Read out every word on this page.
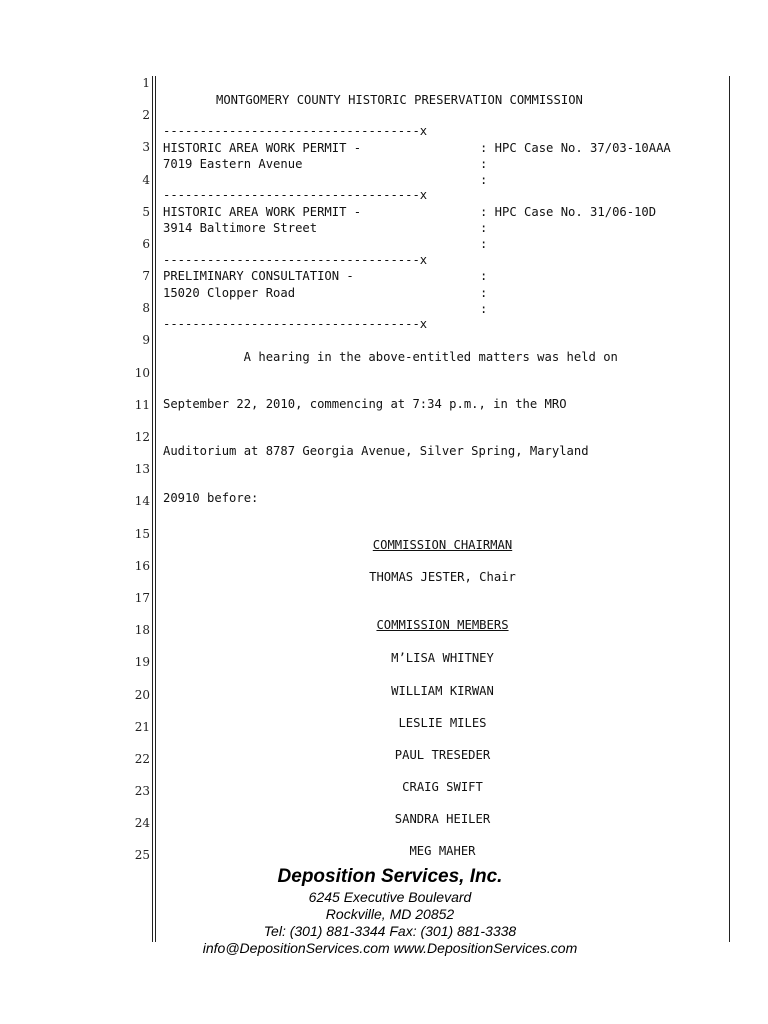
1
2
3
4
5
6
7
8
9
10
11
12
13
14
15
16
17
18
19
20
21
22
23
24
25
MONTGOMERY COUNTY HISTORIC PRESERVATION COMMISSION
-----------------------------------x
HISTORIC AREA WORK PERMIT -	: HPC Case No. 37/03-10AAA
7019 Eastern Avenue	:
:
-----------------------------------x
HISTORIC AREA WORK PERMIT -	: HPC Case No. 31/06-10D
3914 Baltimore Street	:
:
-----------------------------------x
PRELIMINARY CONSULTATION -	:
15020 Clopper Road	:
:
-----------------------------------x
A hearing in the above-entitled matters was held on
September 22, 2010, commencing at 7:34 p.m., in the MRO
Auditorium at 8787 Georgia Avenue, Silver Spring, Maryland
20910 before:
COMMISSION CHAIRMAN
THOMAS JESTER, Chair
COMMISSION MEMBERS
M’LISA WHITNEY
WILLIAM KIRWAN
LESLIE MILES
PAUL TRESEDER
CRAIG SWIFT
SANDRA HEILER
MEG MAHER
Deposition Services, Inc.
6245 Executive Boulevard
Rockville, MD 20852
Tel: (301) 881-3344 Fax: (301) 881-3338
info@DepositionServices.com www.DepositionServices.com
